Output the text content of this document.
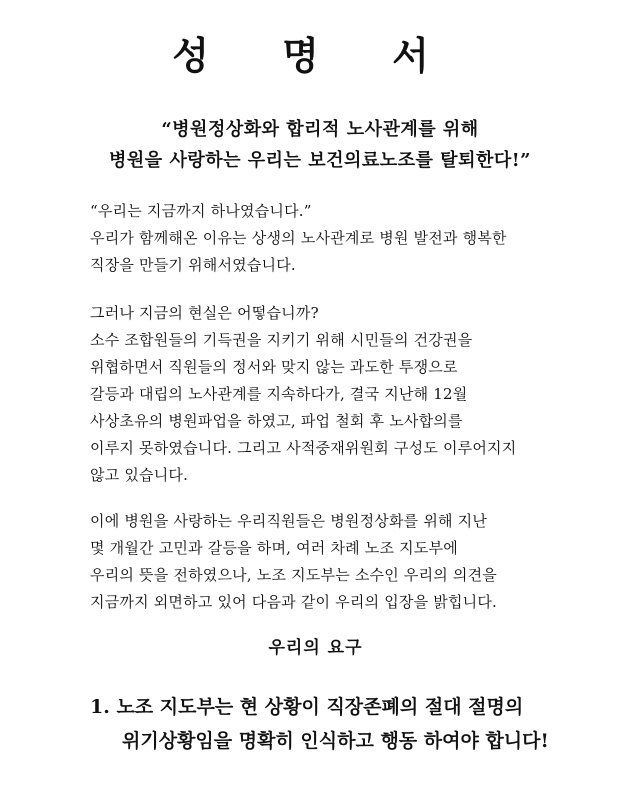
성 명 서
“병원정상화와 합리적 노사관계를 위해
병원을 사랑하는 우리는 보건의료노조를 탈퇴한다!”
“우리는 지금까지 하나였습니다.”
우리가 함께해온 이유는 상생의 노사관계로 병원 발전과 행복한
직장을 만들기 위해서였습니다.
그러나 지금의 현실은 어떻습니까?
소수 조합원들의 기득권을 지키기 위해 시민들의 건강권을
위협하면서 직원들의 정서와 맞지 않는 과도한 투쟁으로
갈등과 대립의 노사관계를 지속하다가, 결국 지난해 12월
사상초유의 병원파업을 하였고, 파업 철회 후 노사합의를
이루지 못하였습니다. 그리고 사적중재위원회 구성도 이루어지지
않고 있습니다.
이에 병원을 사랑하는 우리직원들은 병원정상화를 위해 지난
몇 개월간 고민과 갈등을 하며, 여러 차례 노조 지도부에
우리의 뜻을 전하였으나, 노조 지도부는 소수인 우리의 의견을
지금까지 외면하고 있어 다음과 같이 우리의 입장을 밝힙니다.
우리의 요구
1. 노조 지도부는 현 상황이 직장존폐의 절대 절명의
위기상황임을 명확히 인식하고 행동 하여야 합니다!
